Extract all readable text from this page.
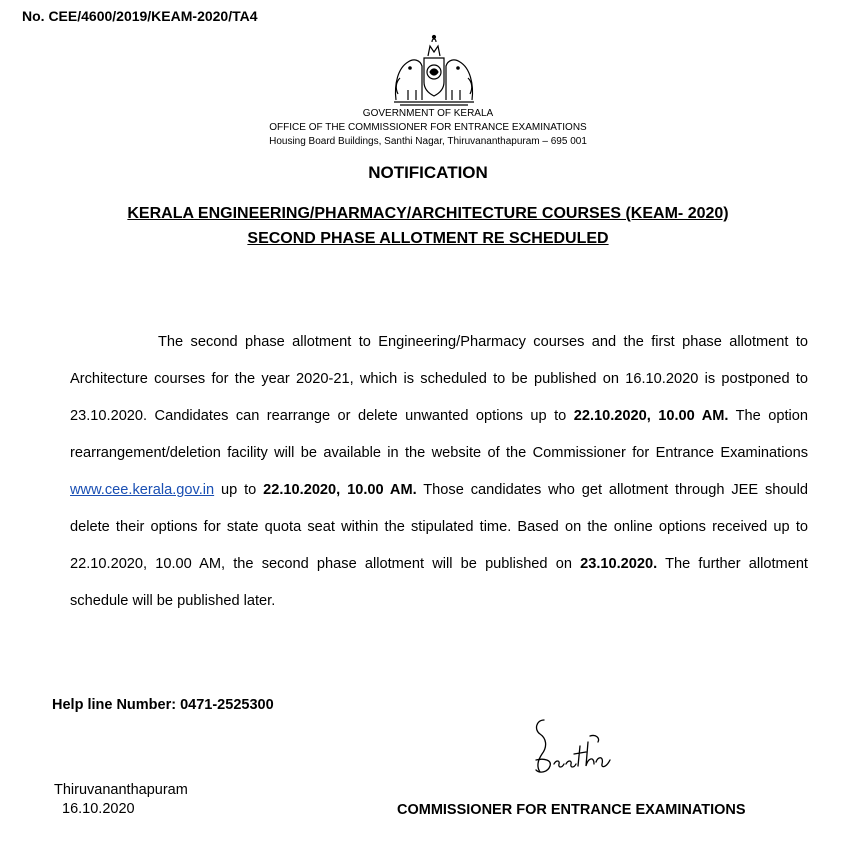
No. CEE/4600/2019/KEAM-2020/TA4
GOVERNMENT OF KERALA
OFFICE OF THE COMMISSIONER FOR ENTRANCE EXAMINATIONS
Housing Board Buildings, Santhi Nagar, Thiruvananthapuram – 695 001
NOTIFICATION
KERALA ENGINEERING/PHARMACY/ARCHITECTURE COURSES (KEAM- 2020)
SECOND PHASE ALLOTMENT RE SCHEDULED
The second phase allotment to Engineering/Pharmacy courses and the first phase allotment to Architecture courses for the year 2020-21, which is scheduled to be published on 16.10.2020 is postponed to 23.10.2020. Candidates can rearrange or delete unwanted options up to 22.10.2020, 10.00 AM. The option rearrangement/deletion facility will be available in the website of the Commissioner for Entrance Examinations www.cee.kerala.gov.in up to 22.10.2020, 10.00 AM. Those candidates who get allotment through JEE should delete their options for state quota seat within the stipulated time. Based on the online options received up to 22.10.2020, 10.00 AM, the second phase allotment will be published on 23.10.2020. The further allotment schedule will be published later.
Help line Number: 0471-2525300
Thiruvananthapuram
16.10.2020	COMMISSIONER FOR ENTRANCE EXAMINATIONS
